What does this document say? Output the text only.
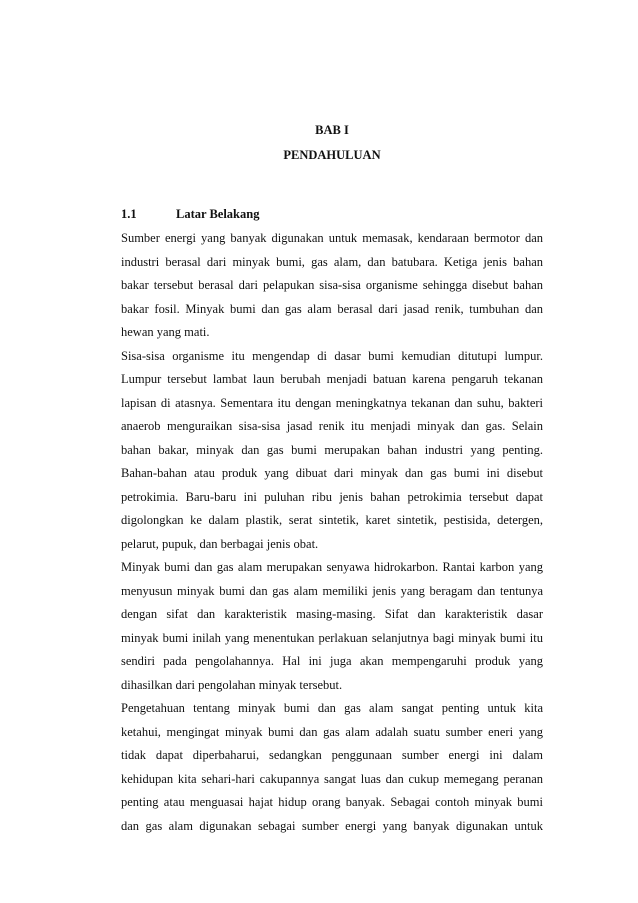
BAB I
PENDAHULUAN
1.1	Latar Belakang
Sumber energi yang banyak digunakan untuk memasak, kendaraan bermotor dan
industri berasal dari minyak bumi, gas alam, dan batubara. Ketiga jenis bahan
bakar tersebut berasal dari pelapukan sisa-sisa organisme sehingga disebut bahan
bakar fosil. Minyak bumi dan gas alam berasal dari jasad renik, tumbuhan dan
hewan yang mati.
Sisa-sisa organisme itu mengendap di dasar bumi kemudian ditutupi lumpur.
Lumpur tersebut lambat laun berubah menjadi batuan karena pengaruh tekanan
lapisan di atasnya. Sementara itu dengan meningkatnya tekanan dan suhu, bakteri
anaerob menguraikan sisa-sisa jasad renik itu menjadi minyak dan gas. Selain
bahan bakar, minyak dan gas bumi merupakan bahan industri yang penting.
Bahan-bahan atau produk yang dibuat dari minyak dan gas bumi ini disebut
petrokimia. Baru-baru ini puluhan ribu jenis bahan petrokimia tersebut dapat
digolongkan ke dalam plastik, serat sintetik, karet sintetik, pestisida, detergen,
pelarut, pupuk, dan berbagai jenis obat.
Minyak bumi dan gas alam merupakan senyawa hidrokarbon. Rantai karbon yang
menyusun minyak bumi dan gas alam memiliki jenis yang beragam dan tentunya
dengan sifat dan karakteristik masing-masing. Sifat dan karakteristik dasar
minyak bumi inilah yang menentukan perlakuan selanjutnya bagi minyak bumi itu
sendiri pada pengolahannya. Hal ini juga akan mempengaruhi produk yang
dihasilkan dari pengolahan minyak tersebut.
Pengetahuan tentang minyak bumi dan gas alam sangat penting untuk kita
ketahui, mengingat minyak bumi dan gas alam adalah suatu sumber eneri yang
tidak dapat diperbaharui, sedangkan penggunaan sumber energi ini dalam
kehidupan kita sehari-hari cakupannya sangat luas dan cukup memegang peranan
penting atau menguasai hajat hidup orang banyak. Sebagai contoh minyak bumi
dan gas alam digunakan sebagai sumber energi yang banyak digunakan untuk
